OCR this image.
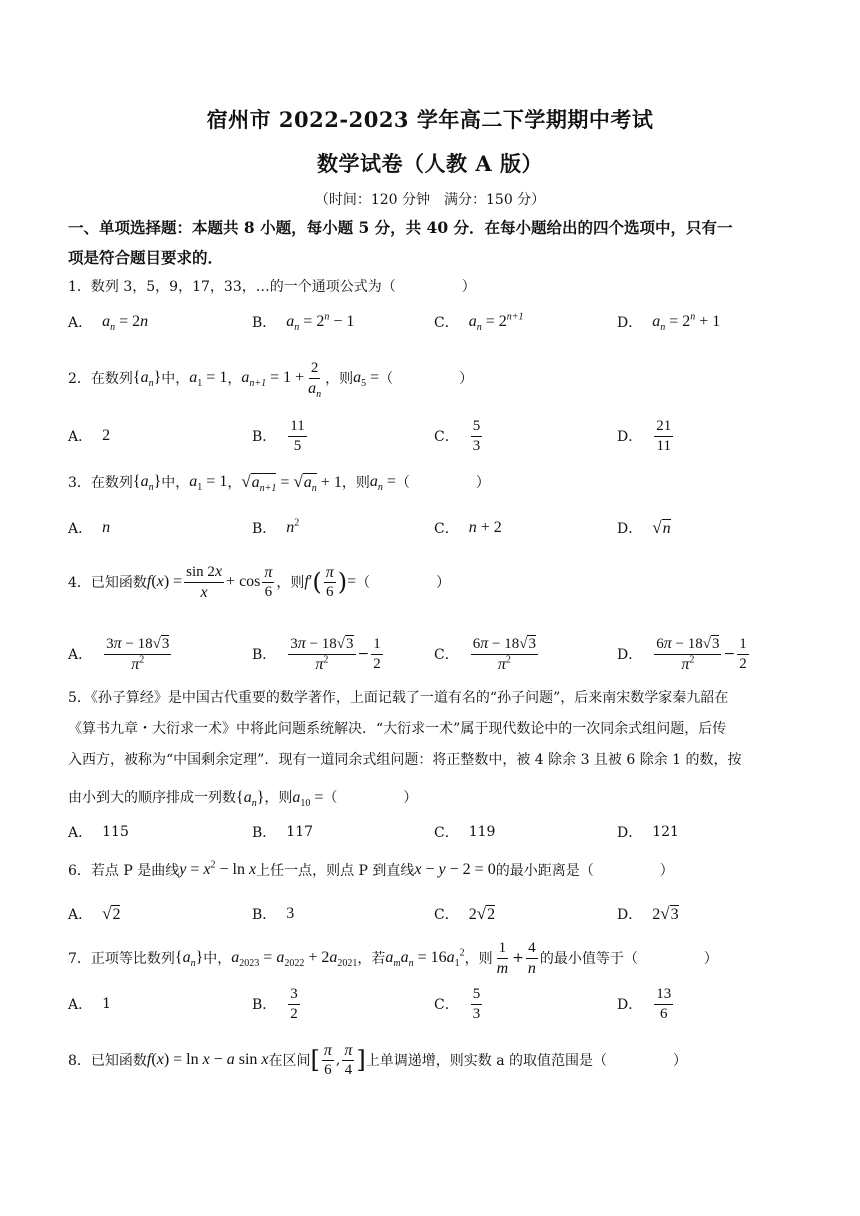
宿州市 2022-2023 学年高二下学期期中考试
数学试卷（人教 A 版）
（时间：120 分钟　满分：150 分）
一、单项选择题：本题共 8 小题，每小题 5 分，共 40 分．在每小题给出的四个选项中，只有一
项是符合题目要求的．
1．数列 3，5，9，17，33，…的一个通项公式为（	）
A． $a_n = 2n$	B． $a_n = 2^n - 1$	C． $a_n = 2^{n+1}$	D． $a_n = 2^n + 1$
2． 在数列 $\{a_n\}$ 中， $a_1 = 1$ ， $a_{n+1} = 1 + \frac{2}{a_n}$ ，则 $a_5$ = （	）
A． 2	B． $\frac{11}{5}$	C． $\frac{5}{3}$	D． $\frac{21}{11}$
3． 在数列 $\{a_n\}$ 中， $a_1 = 1$ ， $√a_{n+1} = √a_n + 1$ ，则 $a_n$ = （	）
A． n	B． $n^2$	C． n + 2	D． √n
4． 已知函数 $f(x) = \frac{\sin 2x}{x} + \cos \frac{\pi}{6}$ ，则 f′ ( $\frac{\pi}{6}$ ) = （	）
A． $\frac{3\pi - 18√3}{\pi^2}$	B． $\frac{3\pi - 18√3}{\pi^2} - \frac{1}{2}$	C． $\frac{6\pi - 18√3}{\pi^2}$	D． $\frac{6\pi - 18√3}{\pi^2} - \frac{1}{2}$
5．《孙子算经》是中国古代重要的数学著作，上面记载了一道有名的“孙子问题”，后来南宋数学家秦九韶在
《算书九章・大衍求一术》中将此问题系统解决．“大衍求一术”属于现代数论中的一次同余式组问题，后传
入西方，被称为“中国剩余定理”．现有一道同余式组问题：将正整数中，被 4 除余 3 且被 6 除余 1 的数，按
由小到大的顺序排成一列数$\{a_n\}$，则$a_{10}$ =（	）
A． 115	B． 117	C． 119	D． 121
6． 若点 P 是曲线 $y = x^2 - \ln x$ 上任一点，则点 P 到直线 x − y − 2 = 0 的最小距离是（	）
A． √2	B． 3	C． 2√2	D． 2√3
7． 正项等比数列 $\{a_n\}$ 中， $a_{2023} = a_{2022} + 2a_{2021}$ ，若 $a_ma_n = 16a_1^2$ ，则 $\frac{1}{m} + \frac{4}{n}$ 的最小值等于（	）
A． 1	B． $\frac{3}{2}$	C． $\frac{5}{3}$	D． $\frac{13}{6}$
8． 已知函数 f(x) = ln x − a sin x 在区间 [ $\frac{\pi}{6}$ , $\frac{\pi}{4}$ ] 上单调递增，则实数 a 的取值范围是（	）
